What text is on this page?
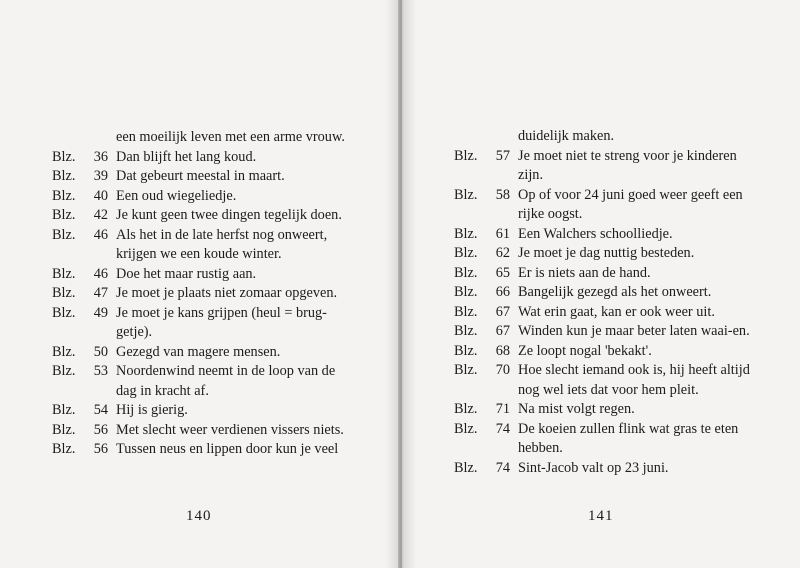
een moeilijk leven met een arme vrouw.
Blz.	36 Dan blijft het lang koud.
Blz.	39 Dat gebeurt meestal in maart.
Blz.	40 Een oud wiegeliedje.
Blz.	42 Je kunt geen twee dingen tegelijk doen.
Blz.	46 Als het in de late herfst nog onweert, krijgen we een koude winter.
Blz.	46 Doe het maar rustig aan.
Blz.	47 Je moet je plaats niet zomaar opgeven.
Blz.	49 Je moet je kans grijpen (heul = brug-getje).
Blz.	50 Gezegd van magere mensen.
Blz.	53 Noordenwind neemt in de loop van de dag in kracht af.
Blz.	54 Hij is gierig.
Blz.	56 Met slecht weer verdienen vissers niets.
Blz.	56 Tussen neus en lippen door kun je veel
140
duidelijk maken.
Blz.	57 Je moet niet te streng voor je kinderen zijn.
Blz.	58 Op of voor 24 juni goed weer geeft een rijke oogst.
Blz.	61 Een Walchers schoolliedje.
Blz.	62 Je moet je dag nuttig besteden.
Blz.	65 Er is niets aan de hand.
Blz.	66 Bangelijk gezegd als het onweert.
Blz.	67 Wat erin gaat, kan er ook weer uit.
Blz.	67 Winden kun je maar beter laten waai-en.
Blz.	68 Ze loopt nogal 'bekakt'.
Blz.	70 Hoe slecht iemand ook is, hij heeft altijd nog wel iets dat voor hem pleit.
Blz.	71 Na mist volgt regen.
Blz.	74 De koeien zullen flink wat gras te eten hebben.
Blz.	74 Sint-Jacob valt op 23 juni.
141
